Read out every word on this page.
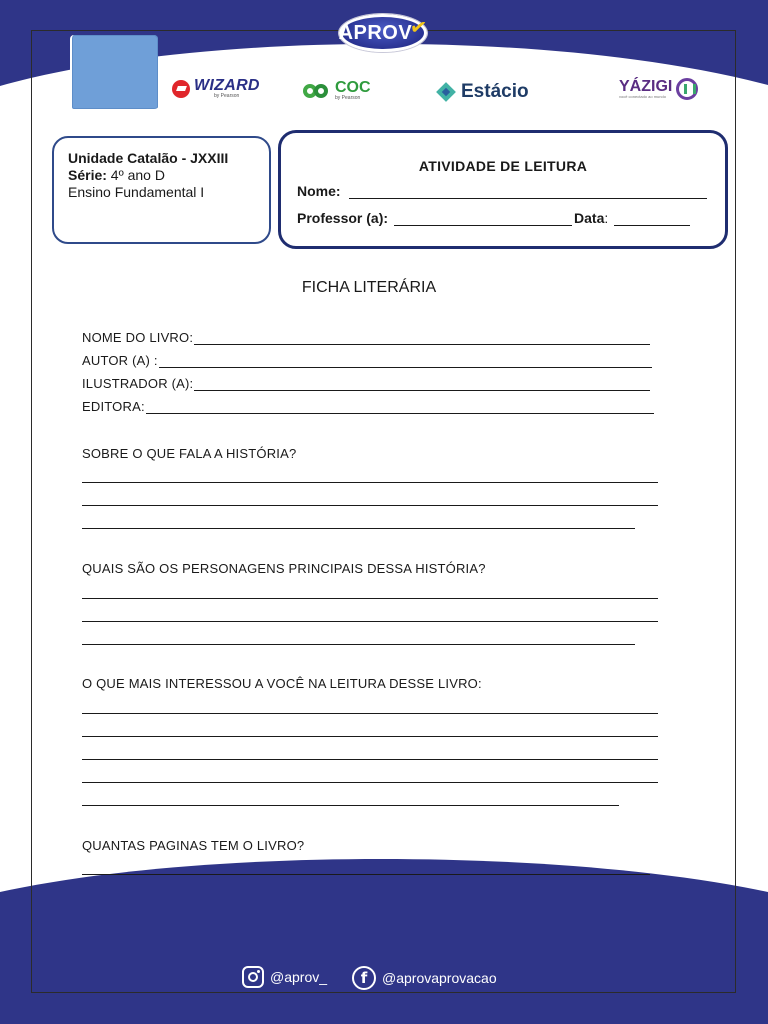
APROV
✔
WIZARD
by Pearson	COC
by Pearson	Estácio	YÁZIGI
você conectado ao mundo
Unidade Catalão - JXXIII
Série: 4º ano D
Ensino Fundamental I
ATIVIDADE DE LEITURA
Nome:
Professor (a):	Data :
FICHA LITERÁRIA
NOME DO LIVRO:
AUTOR (A) :
ILUSTRADOR (A):
EDITORA:
SOBRE O QUE FALA A HISTÓRIA?
QUAIS SÃO OS PERSONAGENS PRINCIPAIS DESSA HISTÓRIA?
O QUE MAIS INTERESSOU A VOCÊ NA LEITURA DESSE LIVRO:
QUANTAS PAGINAS TEM O LIVRO?
@aprov_ f @aprovaprovacao
